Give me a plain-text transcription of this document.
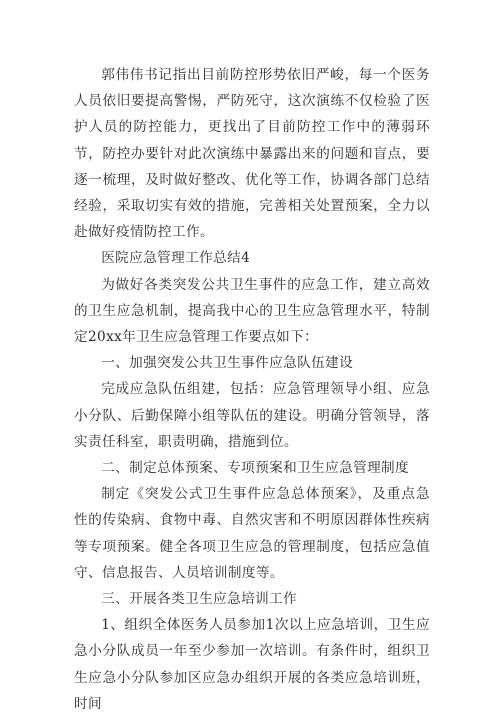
郭伟伟书记指出目前防控形势依旧严峻，每一个医务人员依旧要提高警惕，严防死守，这次演练不仅检验了医护人员的防控能力，更找出了目前防控工作中的薄弱环节，防控办要针对此次演练中暴露出来的问题和盲点，要逐一梳理，及时做好整改、优化等工作，协调各部门总结经验，采取切实有效的措施，完善相关处置预案，全力以赴做好疫情防控工作。

医院应急管理工作总结4

为做好各类突发公共卫生事件的应急工作，建立高效的卫生应急机制，提高我中心的卫生应急管理水平，特制定20xx年卫生应急管理工作要点如下：

一、加强突发公共卫生事件应急队伍建设

完成应急队伍组建，包括：应急管理领导小组、应急小分队、后勤保障小组等队伍的建设。明确分管领导，落实责任科室，职责明确，措施到位。

二、制定总体预案、专项预案和卫生应急管理制度

制定《突发公式卫生事件应急总体预案》，及重点急性的传染病、食物中毒、自然灾害和不明原因群体性疾病等专项预案。健全各项卫生应急的管理制度，包括应急值守、信息报告、人员培训制度等。

三、开展各类卫生应急培训工作

1、组织全体医务人员参加1次以上应急培训，卫生应急小分队成员一年至少参加一次培训。有条件时，组织卫生应急小分队参加区应急办组织开展的各类应急培训班，时间
